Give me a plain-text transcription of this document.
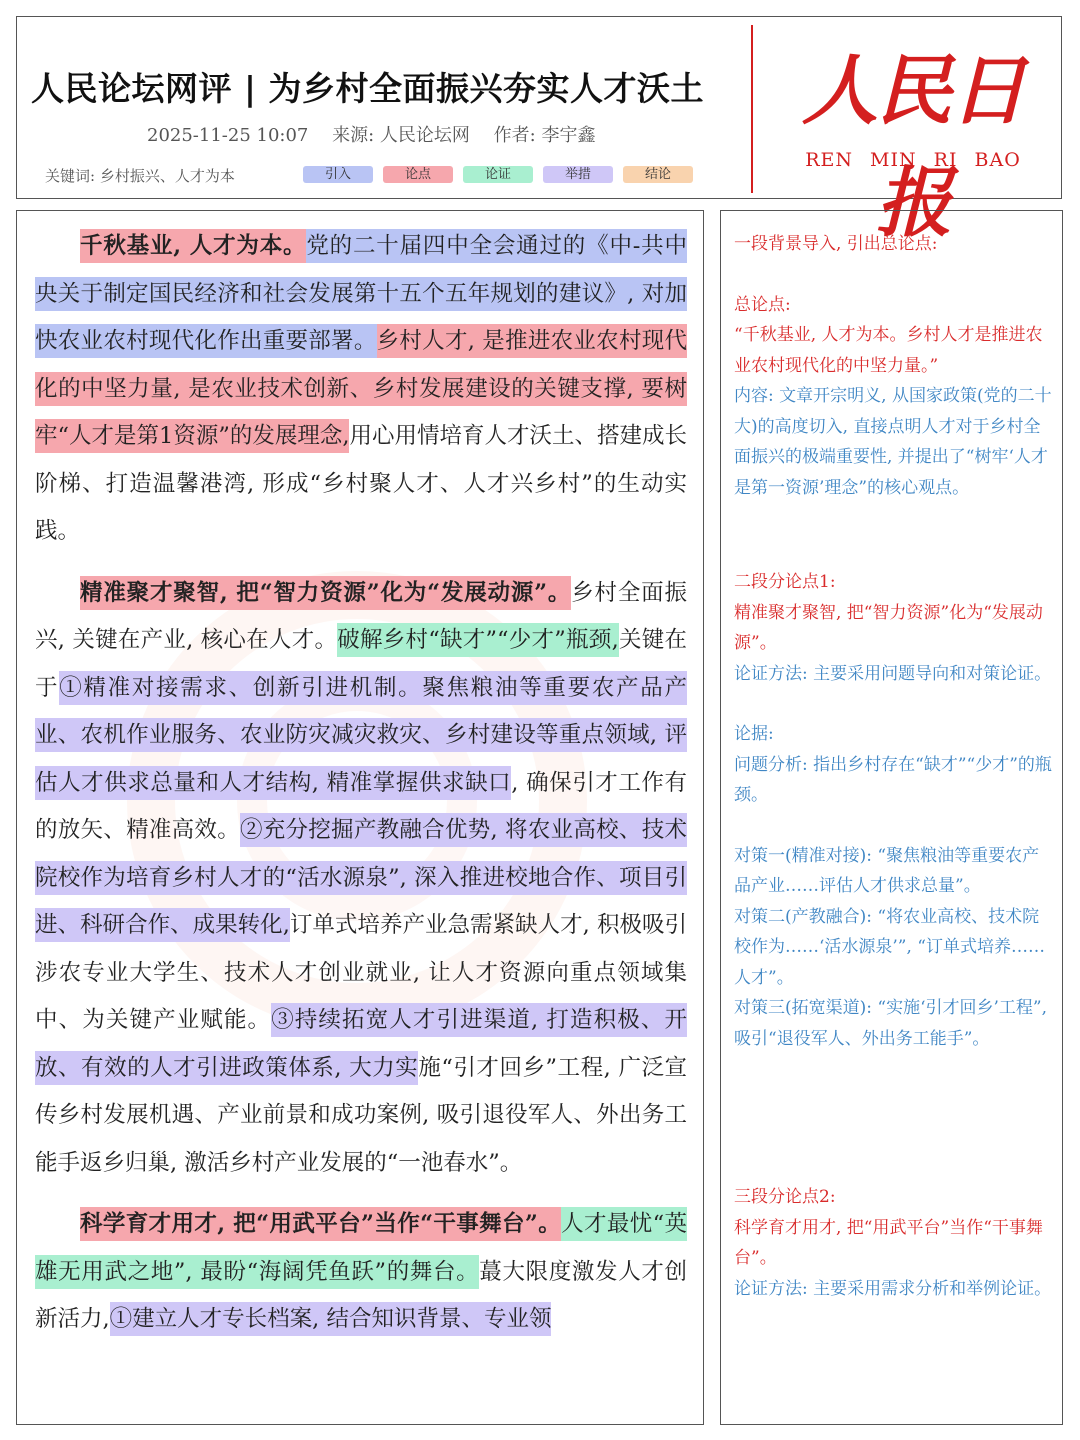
人民论坛网评 | 为乡村全面振兴夯实人才沃土
2025-11-25 10:07 来源: 人民论坛网 作者: 李宇鑫
关键词: 乡村振兴、人才为本	引入	论点	论证	举措	结论
人民日报
REN MIN RI BAO

千秋基业, 人才为本。党的二十届四中全会通过的《中-共中央关于制定国民经济和社会发展第十五个五年规划的建议》, 对加快农业农村现代化作出重要部署。乡村人才, 是推进农业农村现代化的中坚力量, 是农业技术创新、乡村发展建设的关键支撑, 要树牢“人才是第1资源”的发展理念,用心用情培育人才沃土、搭建成长阶梯、打造温馨港湾, 形成“乡村聚人才、人才兴乡村”的生动实践。

精准聚才聚智, 把“智力资源”化为“发展动源”。乡村全面振兴, 关键在产业, 核心在人才。破解乡村“缺才”“少才”瓶颈,关键在于①精准对接需求、创新引进机制。聚焦粮油等重要农产品产业、农机作业服务、农业防灾减灾救灾、乡村建设等重点领域, 评估人才供求总量和人才结构, 精准掌握供求缺口, 确保引才工作有的放矢、精准高效。②充分挖掘产教融合优势, 将农业高校、技术院校作为培育乡村人才的“活水源泉”, 深入推进校地合作、项目引进、科研合作、成果转化,订单式培养产业急需紧缺人才, 积极吸引涉农专业大学生、技术人才创业就业, 让人才资源向重点领域集中、为关键产业赋能。③持续拓宽人才引进渠道, 打造积极、开放、有效的人才引进政策体系, 大力实施“引才回乡”工程, 广泛宣传乡村发展机遇、产业前景和成功案例, 吸引退役军人、外出务工能手返乡归巢, 激活乡村产业发展的“一池春水”。

科学育才用才, 把“用武平台”当作“干事舞台”。人才最忧“英雄无用武之地”, 最盼“海阔凭鱼跃”的舞台。蕞大限度激发人才创新活力,①建立人才专长档案, 结合知识背景、专业领

一段背景导入, 引出总论点:
总论点:
“千秋基业, 人才为本。乡村人才是推进农业农村现代化的中坚力量。”
内容: 文章开宗明义, 从国家政策(党的二十大)的高度切入, 直接点明人才对于乡村全面振兴的极端重要性, 并提出了“树牢‘人才是第一资源’理念”的核心观点。
二段分论点1:
精准聚才聚智, 把“智力资源”化为“发展动源”。
论证方法: 主要采用问题导向和对策论证。
论据:
问题分析: 指出乡村存在“缺才”“少才”的瓶颈。
对策一(精准对接): “聚焦粮油等重要农产品产业……评估人才供求总量”。
对策二(产教融合): “将农业高校、技术院校作为……‘活水源泉’”, “订单式培养……人才”。
对策三(拓宽渠道): “实施‘引才回乡’工程”, 吸引“退役军人、外出务工能手”。
三段分论点2:
科学育才用才, 把“用武平台”当作“干事舞台”。
论证方法: 主要采用需求分析和举例论证。
